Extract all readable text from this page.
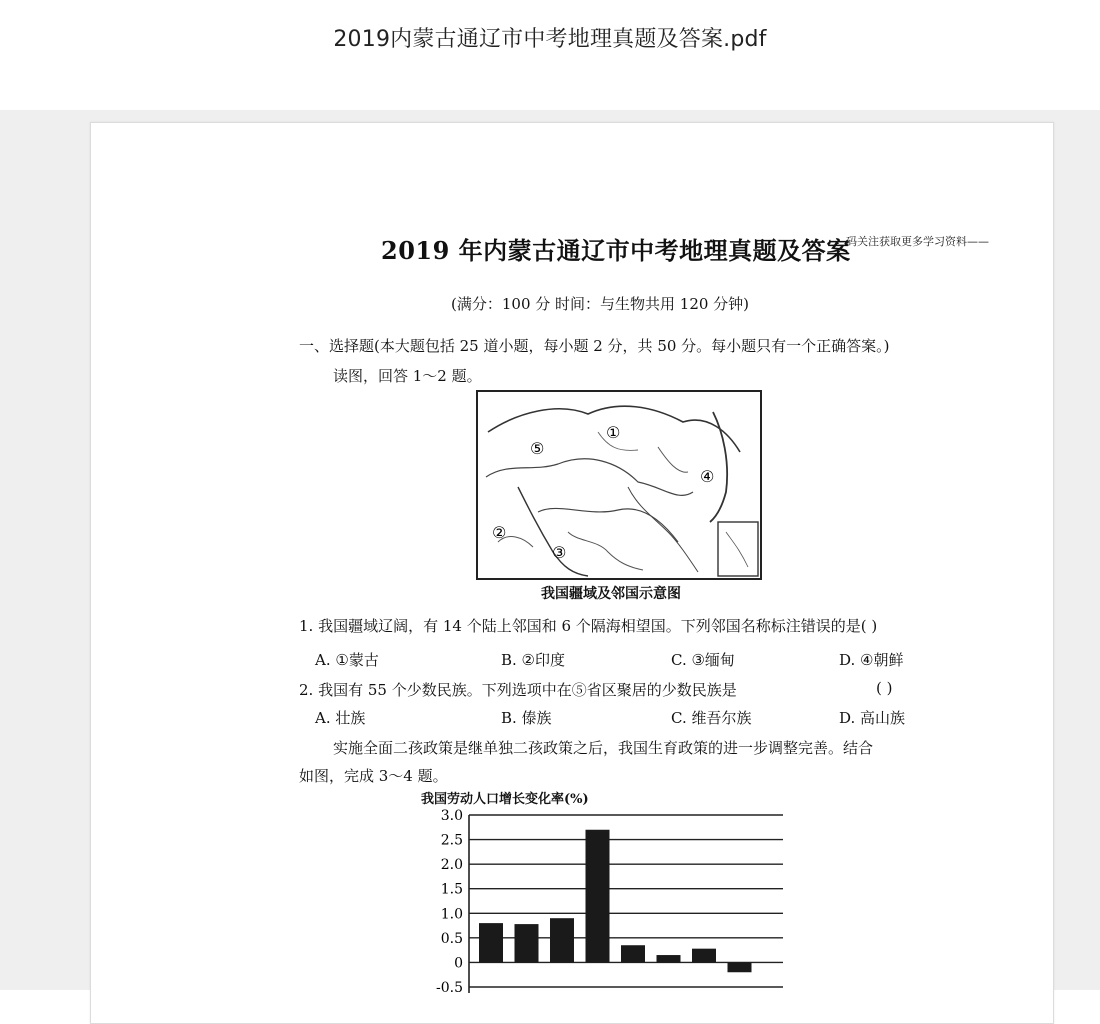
2019内蒙古通辽市中考地理真题及答案.pdf
2019 年内蒙古通辽市中考地理真题及答案
码关注获取更多学习资料——
(满分：100 分 时间：与生物共用 120 分钟)
一、选择题(本大题包括 25 道小题，每小题 2 分，共 50 分。每小题只有一个正确答案。)
读图，回答 1～2 题。
①
⑤
④
②
③
我国疆域及邻国示意图
1. 我国疆域辽阔，有 14 个陆上邻国和 6 个隔海相望国。下列邻国名称标注错误的是( )
A. ①蒙古	B. ②印度	C. ③缅甸	D. ④朝鲜
2. 我国有 55 个少数民族。下列选项中在⑤省区聚居的少数民族是	( )
A. 壮族	B. 傣族	C. 维吾尔族	D. 高山族
实施全面二孩政策是继单独二孩政策之后，我国生育政策的进一步调整完善。结合
如图，完成 3～4 题。
我国劳动人口增长变化率(%)
3.0
2.5
2.0
1.5
1.0
0.5
0
-0.5
